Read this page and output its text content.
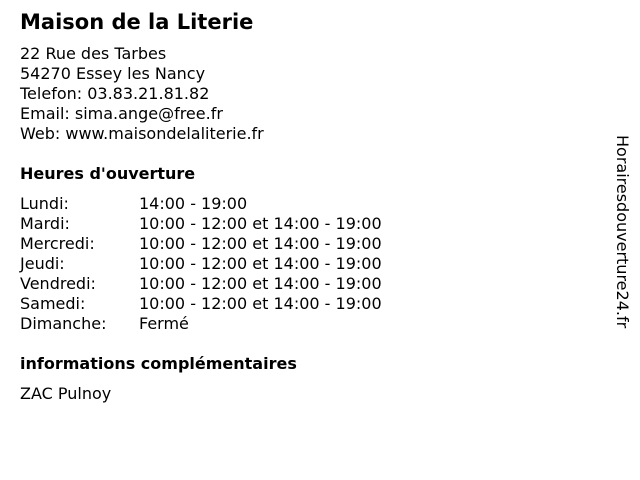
Maison de la Literie
22 Rue des Tarbes
54270 Essey les Nancy
Telefon: 03.83.21.81.82
Email: sima.ange@free.fr
Web: www.maisondelaliterie.fr
Heures d'ouverture
Lundi:	14:00 - 19:00
Mardi:	10:00 - 12:00 et 14:00 - 19:00
Mercredi:	10:00 - 12:00 et 14:00 - 19:00
Jeudi:	10:00 - 12:00 et 14:00 - 19:00
Vendredi:	10:00 - 12:00 et 14:00 - 19:00
Samedi:	10:00 - 12:00 et 14:00 - 19:00
Dimanche: Fermé
informations complémentaires
ZAC Pulnoy
Horairesdouverture24.fr
